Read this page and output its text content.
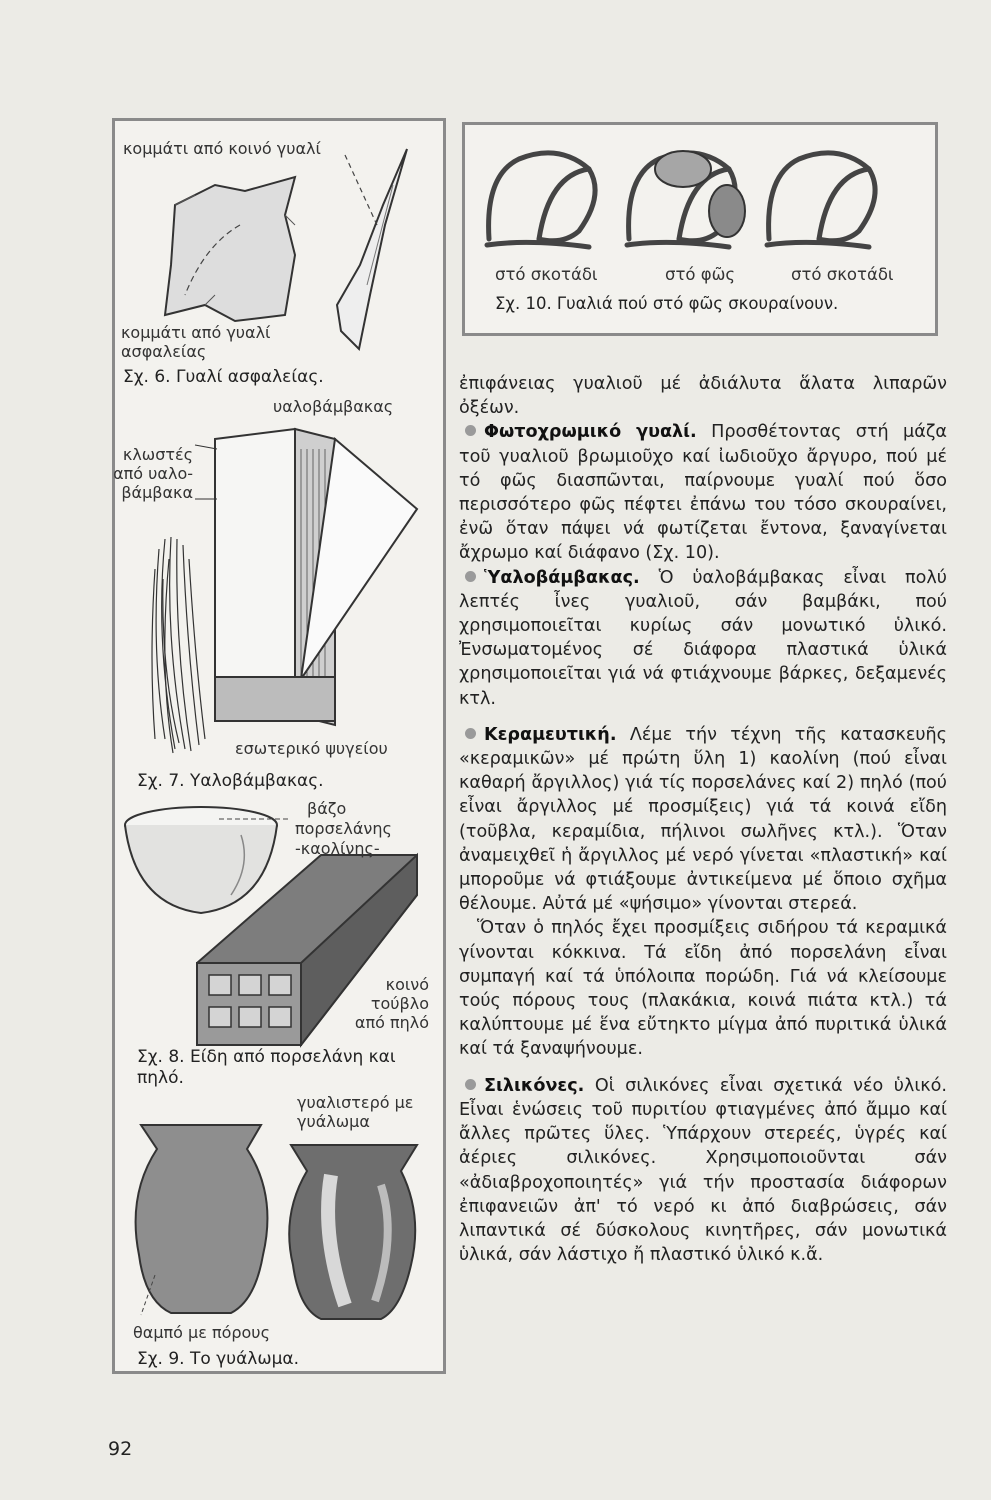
κομμάτι από κοινό γυαλί
κομμάτι από γυαλί ασφαλείας
Σχ. 6. Γυαλί ασφαλείας.
υαλοβάμβακας
κλωστές από υαλο- βάμβακα
εσωτερικό ψυγείου
Σχ. 7. Υαλοβάμβακας.
βάζο
πορσελάνης
-καολίνης-
κοινό
τούβλο
από πηλό
Σχ. 8. Είδη από πορσελάνη και πηλό.
γυαλιστερό με γυάλωμα
θαμπό με πόρους
Σχ. 9. Το γυάλωμα.
στό σκοτάδι	στό φῶς	στό σκοτάδι
Σχ. 10. Γυαλιά πού στό φῶς σκουραίνουν.

ἐπιφάνειας γυαλιοῦ μέ ἀδιάλυτα ἅλατα λιπαρῶν ὀξέων.

Φωτοχρωμικό γυαλί. Προσθέτοντας στή μάζα τοῦ γυαλιοῦ βρωμιοῦχο καί ἰωδιοῦχο ἄργυρο, πού μέ τό φῶς διασπῶνται, παίρνουμε γυαλί πού ὅσο περισσότερο φῶς πέφτει ἐπάνω του τόσο σκουραίνει, ἐνῶ ὅταν πάψει νά φωτίζεται ἔντονα, ξαναγίνεται ἄχρωμο καί διάφανο (Σχ. 10).

Ὑαλοβάμβακας. Ὁ ὑαλοβάμβακας εἶναι πολύ λεπτές ἶνες γυαλιοῦ, σάν βαμβάκι, πού χρησιμοποιεῖται κυρίως σάν μονωτικό ὑλικό. Ἐνσωματομένος σέ διάφορα πλαστικά ὑλικά χρησιμοποιεῖται γιά νά φτιάχνουμε βάρκες, δεξαμενές κτλ.

Κεραμευτική. Λέμε τήν τέχνη τῆς κατασκευῆς «κεραμικῶν» μέ πρώτη ὕλη 1) καολίνη (πού εἶναι καθαρή ἄργιλλος) γιά τίς πορσελάνες καί 2) πηλό (πού εἶναι ἄργιλλος μέ προσμίξεις) γιά τά κοινά εἴδη (τοῦβλα, κεραμίδια, πήλινοι σωλῆνες κτλ.). Ὅταν ἀναμειχθεῖ ἡ ἄργιλλος μέ νερό γίνεται «πλαστική» καί μποροῦμε νά φτιάξουμε ἀντικείμενα μέ ὅποιο σχῆμα θέλουμε. Αὐτά μέ «ψήσιμο» γίνονται στερεά.

Ὅταν ὁ πηλός ἔχει προσμίξεις σιδήρου τά κεραμικά γίνονται κόκκινα. Τά εἴδη ἀπό πορσελάνη εἶναι συμπαγή καί τά ὑπόλοιπα πορώδη. Γιά νά κλείσουμε τούς πόρους τους (πλακάκια, κοινά πιάτα κτλ.) τά καλύπτουμε μέ ἕνα εὔτηκτο μίγμα ἀπό πυριτικά ὑλικά καί τά ξαναψήνουμε.

Σιλικόνες. Οἱ σιλικόνες εἶναι σχετικά νέο ὑλικό. Εἶναι ἑνώσεις τοῦ πυριτίου φτιαγμένες ἀπό ἄμμο καί ἄλλες πρῶτες ὕλες. Ὑπάρχουν στερεές, ὑγρές καί ἀέριες σιλικόνες. Χρησιμοποιοῦνται σάν «ἀδιαβροχοποιητές» γιά τήν προστασία διάφορων ἐπιφανειῶν ἀπ' τό νερό κι ἀπό διαβρώσεις, σάν λιπαντικά σέ δύσκολους κινητῆρες, σάν μονωτικά ὑλικά, σάν λάστιχο ἤ πλαστικό ὑλικό κ.ἄ.

92
